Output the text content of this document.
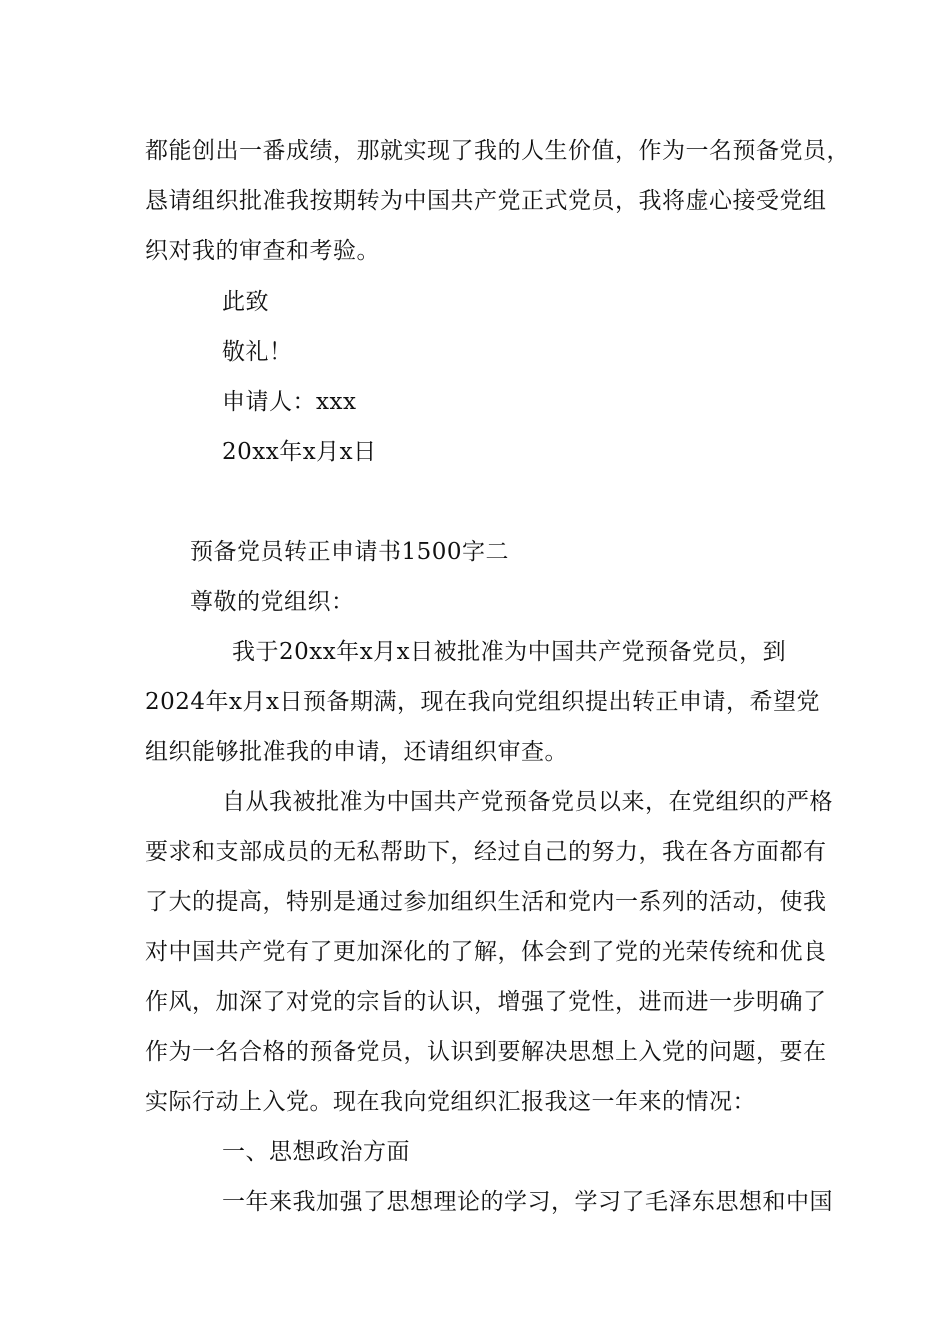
都能创出一番成绩，那就实现了我的人生价值，作为一名预备党员，
恳请组织批准我按期转为中国共产党正式党员，我将虚心接受党组
织对我的审查和考验。
此致
敬礼！
申请人：xxx
20xx年x月x日
预备党员转正申请书1500字二
尊敬的党组织：
我于20xx年x月x日被批准为中国共产党预备党员，到
2024年x月x日预备期满，现在我向党组织提出转正申请，希望党
组织能够批准我的申请，还请组织审查。
自从我被批准为中国共产党预备党员以来，在党组织的严格
要求和支部成员的无私帮助下，经过自己的努力，我在各方面都有
了大的提高，特别是通过参加组织生活和党内一系列的活动，使我
对中国共产党有了更加深化的了解，体会到了党的光荣传统和优良
作风，加深了对党的宗旨的认识，增强了党性，进而进一步明确了
作为一名合格的预备党员，认识到要解决思想上入党的问题，要在
实际行动上入党。现在我向党组织汇报我这一年来的情况：
一、思想政治方面
一年来我加强了思想理论的学习，学习了毛泽东思想和中国
